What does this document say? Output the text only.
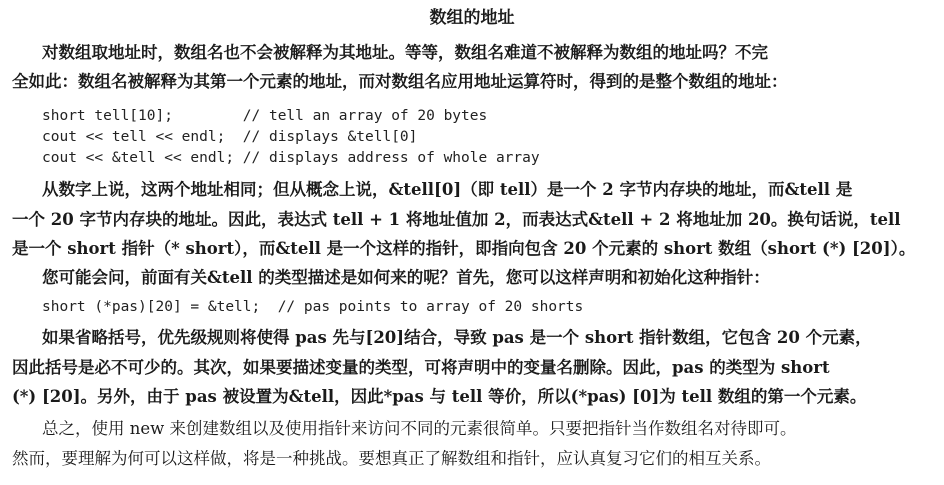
数组的地址
对数组取地址时，数组名也不会被解释为其地址。等等，数组名难道不被解释为数组的地址吗？不完
全如此：数组名被解释为其第一个元素的地址，而对数组名应用地址运算符时，得到的是整个数组的地址：
short tell[10];        // tell an array of 20 bytes
cout << tell << endl;  // displays &tell[0]
cout << &tell << endl; // displays address of whole array
从数字上说，这两个地址相同；但从概念上说，&tell[0]（即 tell）是一个 2 字节内存块的地址，而&tell 是
一个 20 字节内存块的地址。因此，表达式 tell + 1 将地址值加 2，而表达式&tell + 2 将地址加 20。换句话说，tell
是一个 short 指针（* short），而&tell 是一个这样的指针，即指向包含 20 个元素的 short 数组（short (*) [20]）。
您可能会问，前面有关&tell 的类型描述是如何来的呢？首先，您可以这样声明和初始化这种指针：
short (*pas)[20] = &tell;  // pas points to array of 20 shorts
如果省略括号，优先级规则将使得 pas 先与[20]结合，导致 pas 是一个 short 指针数组，它包含 20 个元素，
因此括号是必不可少的。其次，如果要描述变量的类型，可将声明中的变量名删除。因此，pas 的类型为 short
(*) [20]。另外，由于 pas 被设置为&tell，因此*pas 与 tell 等价，所以(*pas) [0]为 tell 数组的第一个元素。
总之，使用 new 来创建数组以及使用指针来访问不同的元素很简单。只要把指针当作数组名对待即可。
然而，要理解为何可以这样做，将是一种挑战。要想真正了解数组和指针，应认真复习它们的相互关系。
